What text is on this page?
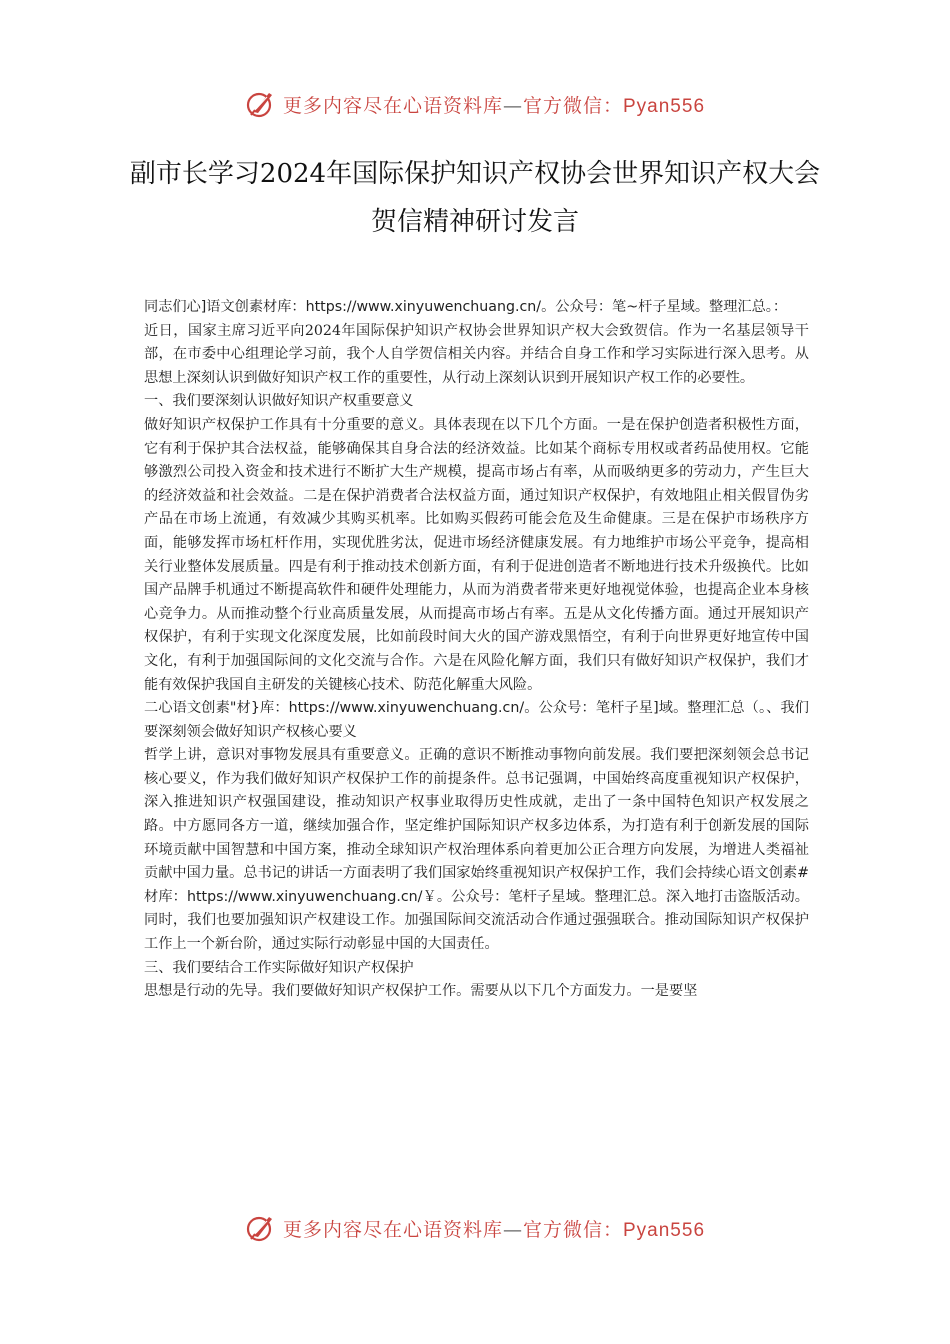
更多内容尽在心语资料库—官方微信：Pyan556
副市长学习2024年国际保护知识产权协会世界知识产权大会贺信精神研讨发言

同志们心]语文创素材库：https://www.xinyuwenchuang.cn/。公众号：笔~杆子星域。整理汇总。：

近日，国家主席习近平向2024年国际保护知识产权协会世界知识产权大会致贺信。作为一名基层领导干部，在市委中心组理论学习前，我个人自学贺信相关内容。并结合自身工作和学习实际进行深入思考。从思想上深刻认识到做好知识产权工作的重要性，从行动上深刻认识到开展知识产权工作的必要性。

一、我们要深刻认识做好知识产权重要意义

做好知识产权保护工作具有十分重要的意义。具体表现在以下几个方面。一是在保护创造者积极性方面，它有利于保护其合法权益，能够确保其自身合法的经济效益。比如某个商标专用权或者药品使用权。它能够激烈公司投入资金和技术进行不断扩大生产规模，提高市场占有率，从而吸纳更多的劳动力，产生巨大的经济效益和社会效益。二是在保护消费者合法权益方面，通过知识产权保护，有效地阻止相关假冒伪劣产品在市场上流通，有效减少其购买机率。比如购买假药可能会危及生命健康。三是在保护市场秩序方面，能够发挥市场杠杆作用，实现优胜劣汰，促进市场经济健康发展。有力地维护市场公平竞争，提高相关行业整体发展质量。四是有利于推动技术创新方面，有利于促进创造者不断地进行技术升级换代。比如国产品牌手机通过不断提高软件和硬件处理能力，从而为消费者带来更好地视觉体验，也提高企业本身核心竞争力。从而推动整个行业高质量发展，从而提高市场占有率。五是从文化传播方面。通过开展知识产权保护，有利于实现文化深度发展，比如前段时间大火的国产游戏黑悟空，有利于向世界更好地宣传中国文化，有利于加强国际间的文化交流与合作。六是在风险化解方面，我们只有做好知识产权保护，我们才能有效保护我国自主研发的关键核心技术、防范化解重大风险。

二心语文创素"材}库：https://www.xinyuwenchuang.cn/。公众号：笔杆子星]域。整理汇总（。、我们要深刻领会做好知识产权核心要义

哲学上讲，意识对事物发展具有重要意义。正确的意识不断推动事物向前发展。我们要把深刻领会总书记核心要义，作为我们做好知识产权保护工作的前提条件。总书记强调，中国始终高度重视知识产权保护，深入推进知识产权强国建设，推动知识产权事业取得历史性成就，走出了一条中国特色知识产权发展之路。中方愿同各方一道，继续加强合作，坚定维护国际知识产权多边体系，为打造有利于创新发展的国际环境贡献中国智慧和中国方案，推动全球知识产权治理体系向着更加公正合理方向发展，为增进人类福祉贡献中国力量。总书记的讲话一方面表明了我们国家始终重视知识产权保护工作，我们会持续心语文创素#材库：https://www.xinyuwenchuang.cn/￥。公众号：笔杆子星域。整理汇总。深入地打击盗版活动。同时，我们也要加强知识产权建设工作。加强国际间交流活动合作通过强强联合。推动国际知识产权保护工作上一个新台阶，通过实际行动彰显中国的大国责任。

三、我们要结合工作实际做好知识产权保护

思想是行动的先导。我们要做好知识产权保护工作。需要从以下几个方面发力。一是要坚

更多内容尽在心语资料库—官方微信：Pyan556
